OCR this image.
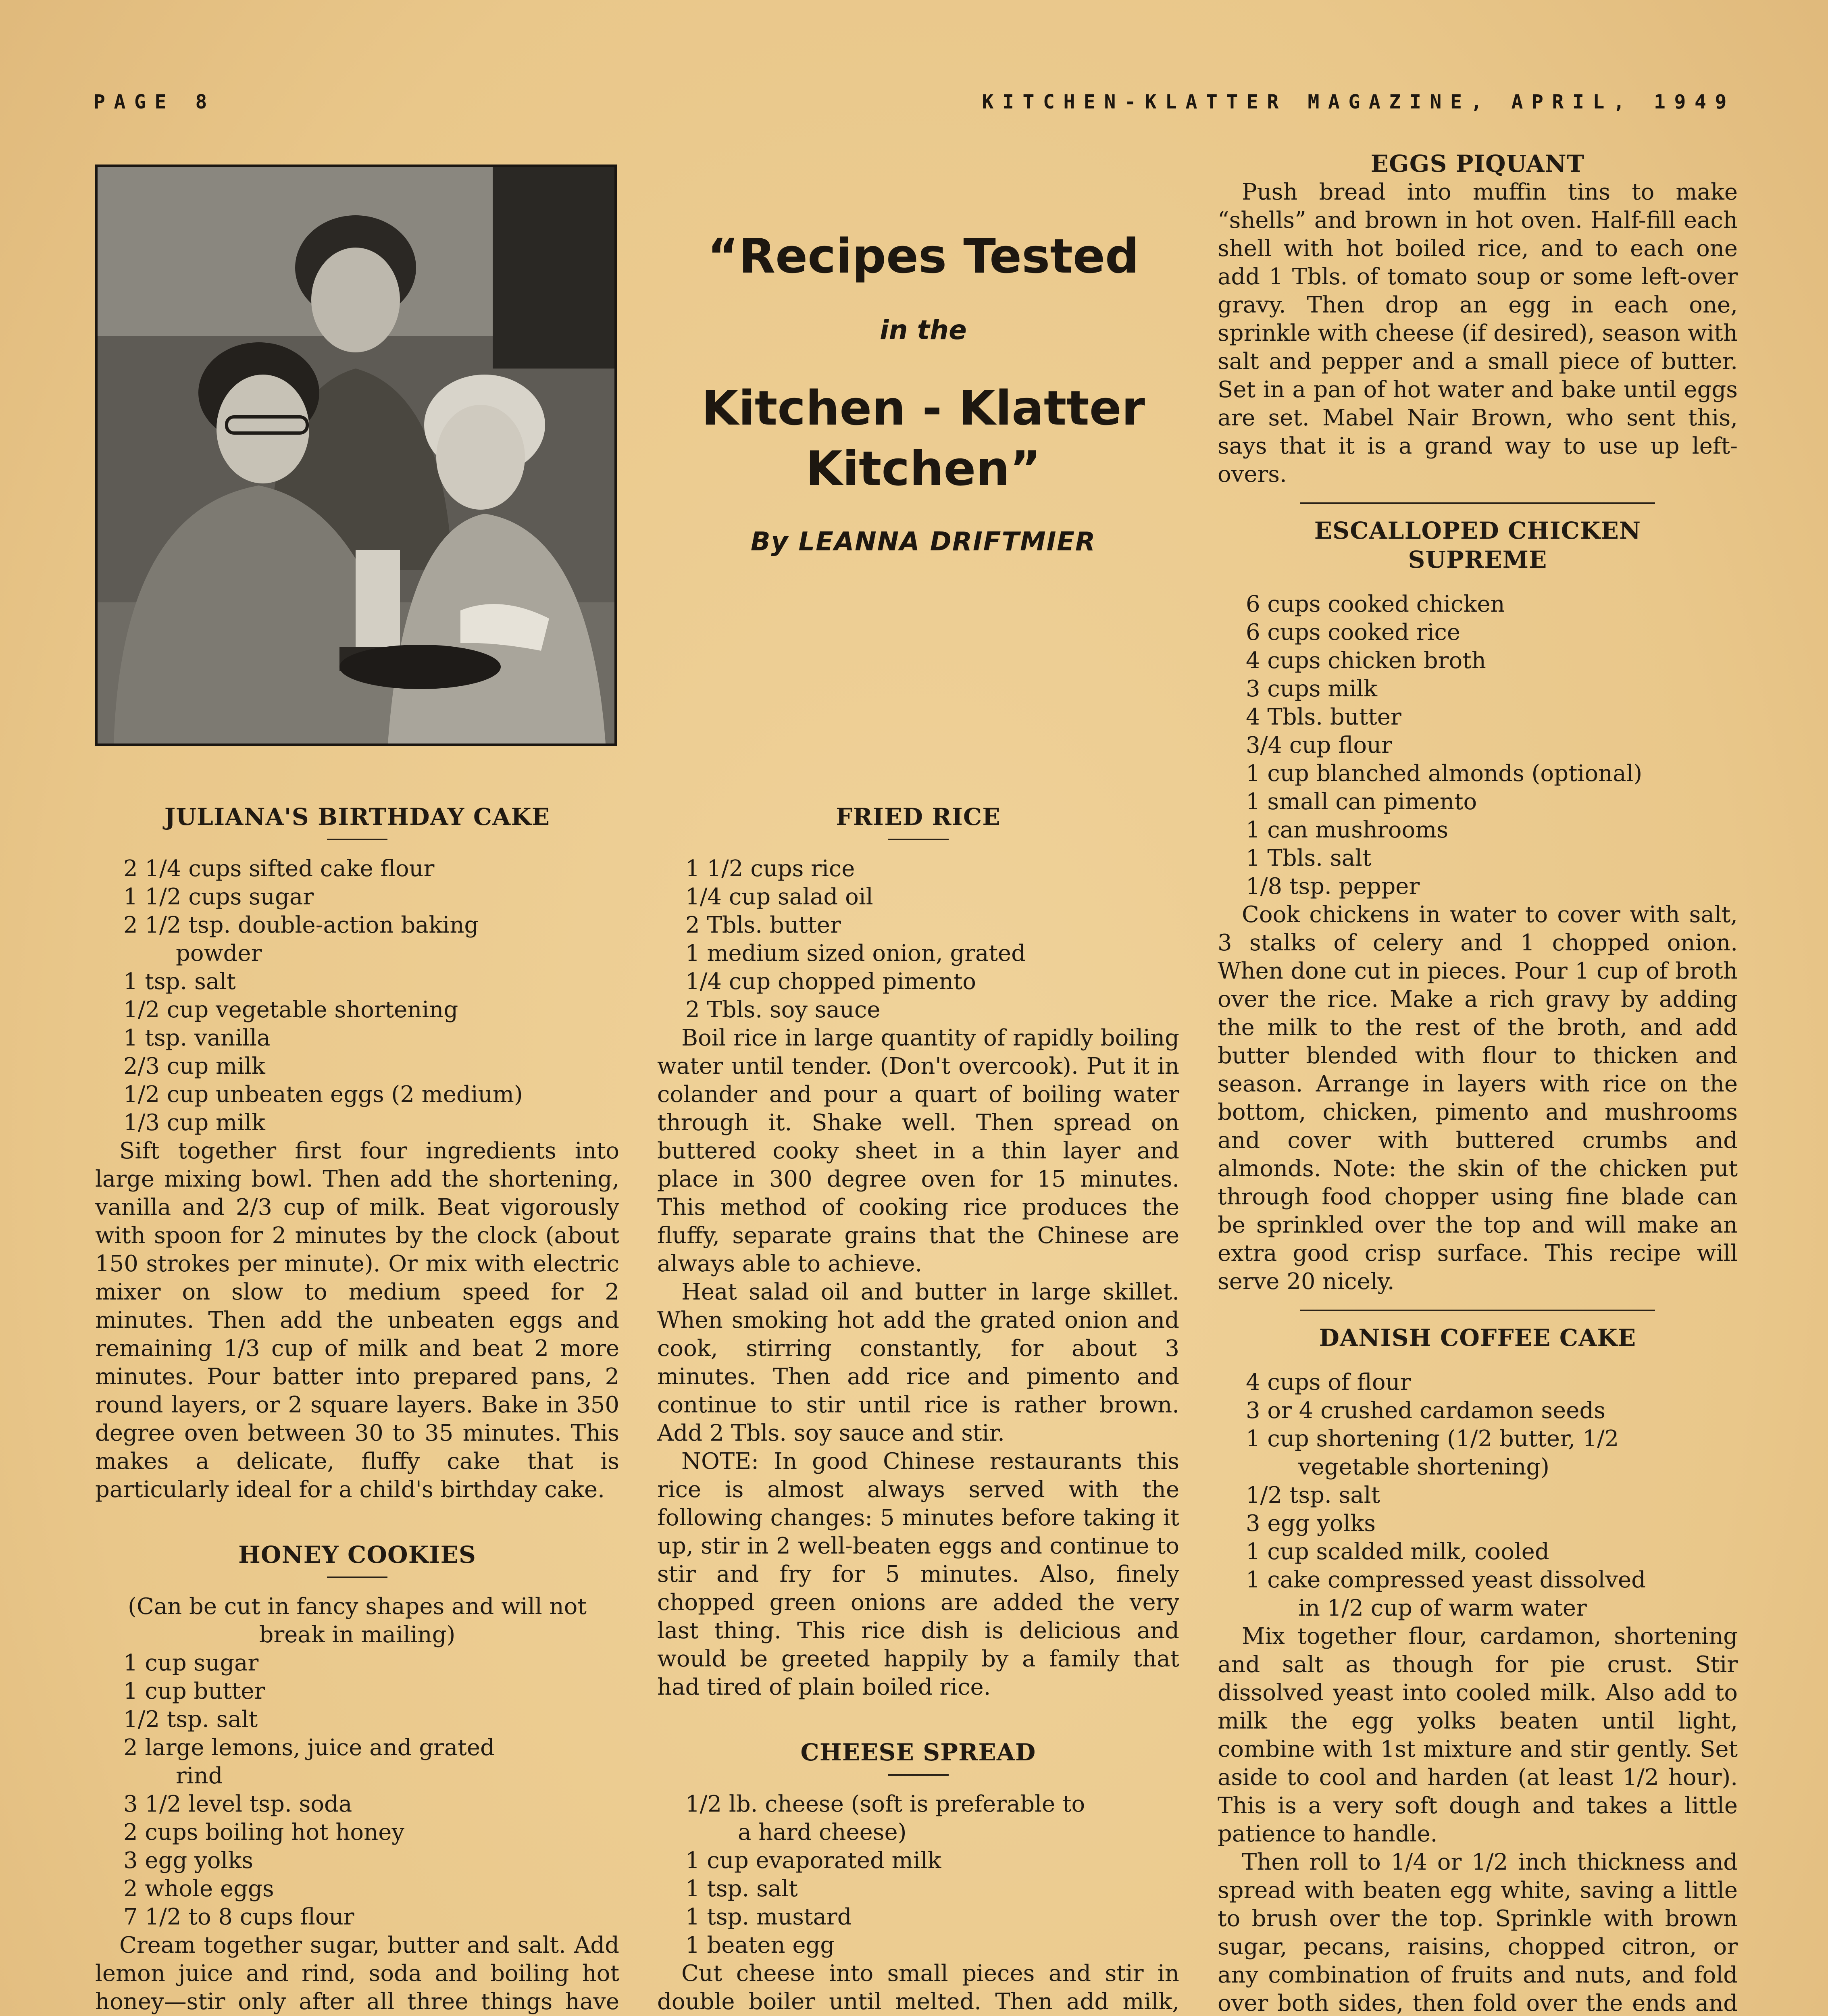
PAGE 8	KITCHEN-KLATTER MAGAZINE, APRIL, 1949
“Recipes Tested
in the
Kitchen - Klatter Kitchen”
By LEANNA DRIFTMIER
JULIANA'S BIRTHDAY CAKE

2 1/4 cups sifted cake flour

1 1/2 cups sugar

2 1/2 tsp. double-action baking

powder

1 tsp. salt

1/2 cup vegetable shortening

1 tsp. vanilla

2/3 cup milk

1/2 cup unbeaten eggs (2 medium)

1/3 cup milk

Sift together first four ingredients into large mixing bowl. Then add the shortening, vanilla and 2/3 cup of milk. Beat vigorously with spoon for 2 minutes by the clock (about 150 strokes per minute). Or mix with electric mixer on slow to medium speed for 2 minutes. Then add the unbeaten eggs and remaining 1/3 cup of milk and beat 2 more minutes. Pour batter into prepared pans, 2 round layers, or 2 square layers. Bake in 350 degree oven between 30 to 35 minutes. This makes a delicate, fluffy cake that is particularly ideal for a child's birthday cake.

HONEY COOKIES

(Can be cut in fancy shapes and will not break in mailing)

1 cup sugar

1 cup butter

1/2 tsp. salt

2 large lemons, juice and grated

rind

3 1/2 level tsp. soda

2 cups boiling hot honey

3 egg yolks

2 whole eggs

7 1/2 to 8 cups flour

Cream together sugar, butter and salt. Add lemon juice and rind, soda and boiling hot honey—stir only after all three things have

FRIED RICE

1 1/2 cups rice

1/4 cup salad oil

2 Tbls. butter

1 medium sized onion, grated

1/4 cup chopped pimento

2 Tbls. soy sauce

Boil rice in large quantity of rapidly boiling water until tender. (Don't overcook). Put it in colander and pour a quart of boiling water through it. Shake well. Then spread on buttered cooky sheet in a thin layer and place in 300 degree oven for 15 minutes. This method of cooking rice produces the fluffy, separate grains that the Chinese are always able to achieve.

Heat salad oil and butter in large skillet. When smoking hot add the grated onion and cook, stirring constantly, for about 3 minutes. Then add rice and pimento and continue to stir until rice is rather brown. Add 2 Tbls. soy sauce and stir.

NOTE: In good Chinese restaurants this rice is almost always served with the following changes: 5 minutes before taking it up, stir in 2 well-beaten eggs and continue to stir and fry for 5 minutes. Also, finely chopped green onions are added the very last thing. This rice dish is delicious and would be greeted happily by a family that had tired of plain boiled rice.

CHEESE SPREAD

1/2 lb. cheese (soft is preferable to

a hard cheese)

1 cup evaporated milk

1 tsp. salt

1 tsp. mustard

1 beaten egg

Cut cheese into small pieces and stir in double boiler until melted. Then add milk,

EGGS PIQUANT

Push bread into muffin tins to make “shells” and brown in hot oven. Half-fill each shell with hot boiled rice, and to each one add 1 Tbls. of tomato soup or some left-over gravy. Then drop an egg in each one, sprinkle with cheese (if desired), season with salt and pepper and a small piece of butter. Set in a pan of hot water and bake until eggs are set. Mabel Nair Brown, who sent this, says that it is a grand way to use up left-overs.

ESCALLOPED CHICKEN
SUPREME

6 cups cooked chicken

6 cups cooked rice

4 cups chicken broth

3 cups milk

4 Tbls. butter

3/4 cup flour

1 cup blanched almonds (optional)

1 small can pimento

1 can mushrooms

1 Tbls. salt

1/8 tsp. pepper

Cook chickens in water to cover with salt, 3 stalks of celery and 1 chopped onion. When done cut in pieces. Pour 1 cup of broth over the rice. Make a rich gravy by adding the milk to the rest of the broth, and add butter blended with flour to thicken and season. Arrange in layers with rice on the bottom, chicken, pimento and mushrooms and cover with buttered crumbs and almonds. Note: the skin of the chicken put through food chopper using fine blade can be sprinkled over the top and will make an extra good crisp surface. This recipe will serve 20 nicely.

DANISH COFFEE CAKE

4 cups of flour

3 or 4 crushed cardamon seeds

1 cup shortening (1/2 butter, 1/2

vegetable shortening)

1/2 tsp. salt

3 egg yolks

1 cup scalded milk, cooled

1 cake compressed yeast dissolved

in 1/2 cup of warm water

Mix together flour, cardamon, shortening and salt as though for pie crust. Stir dissolved yeast into cooled milk. Also add to milk the egg yolks beaten until light, combine with 1st mixture and stir gently. Set aside to cool and harden (at least 1/2 hour). This is a very soft dough and takes a little patience to handle.

Then roll to 1/4 or 1/2 inch thickness and spread with beaten egg white, saving a little to brush over the top. Sprinkle with brown sugar, pecans, raisins, chopped citron, or any combination of fruits and nuts, and fold over both sides, then fold over the ends and
